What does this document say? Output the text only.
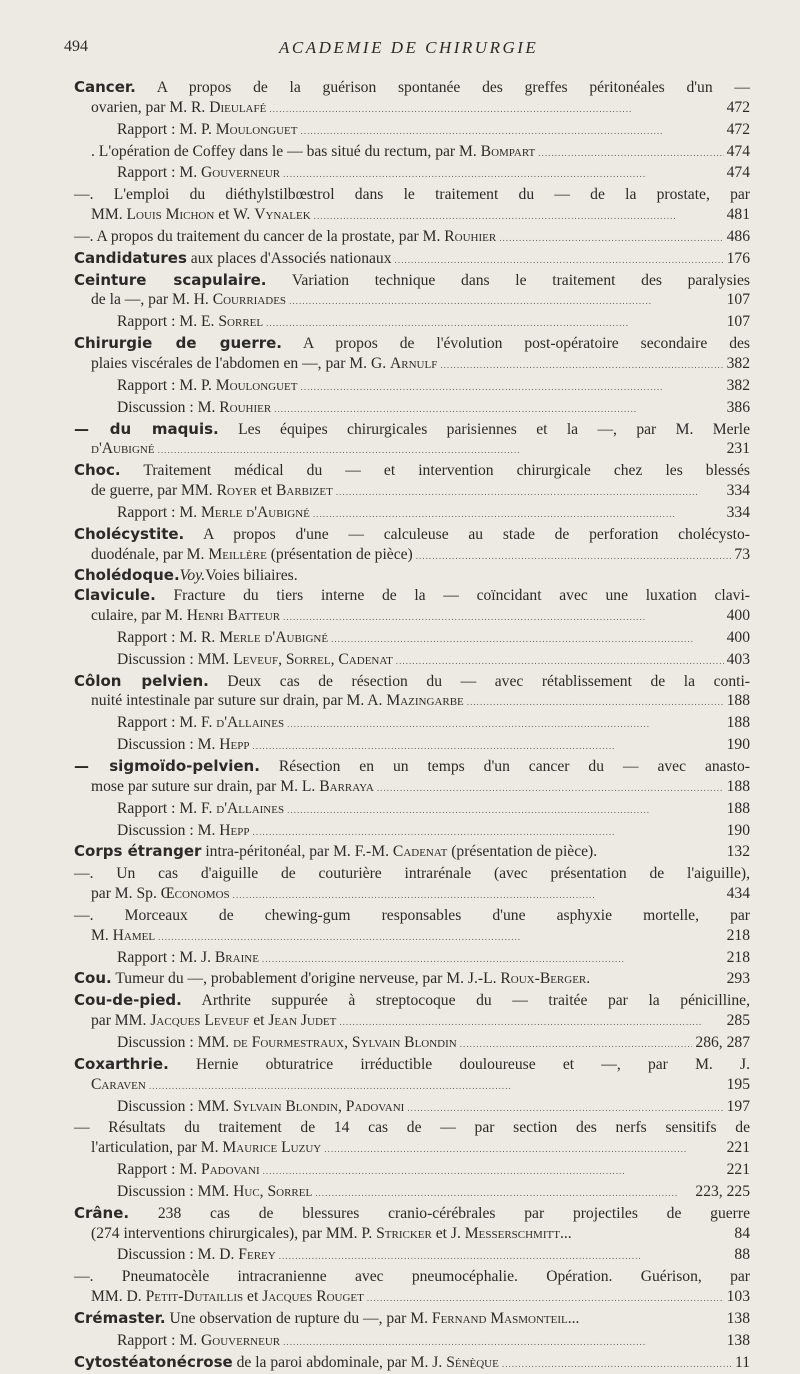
494	ACADEMIE DE CHIRURGIE
Cancer. A propos de la guérison spontanée des greffes péritonéales d'un —
ovarien, par M. R. Dieulafé . . .	472
Rapport : M. P. Moulonguet . . .	472
. L'opération de Coffey dans le — bas situé du rectum, par M. Bompart . . .	474
Rapport : M. Gouverneur . . .	474
—. L'emploi du diéthylstilbœstrol dans le traitement du — de la prostate, par
MM. Louis Michon et W. Vynalek . . .	481
—. A propos du traitement du cancer de la prostate, par M. Rouhier . . .	486
Candidatures aux places d'Associés nationaux . . .	176
Ceinture scapulaire. Variation technique dans le traitement des paralysies
de la —, par M. H. Courriades . . .	107
Rapport : M. E. Sorrel . . .	107
Chirurgie de guerre. A propos de l'évolution post-opératoire secondaire des
plaies viscérales de l'abdomen en —, par M. G. Arnulf . . .	382
Rapport : M. P. Moulonguet . . .	382
Discussion : M. Rouhier . . .	386
— du maquis. Les équipes chirurgicales parisiennes et la —, par M. Merle
d'Aubigné . . .	231
Choc. Traitement médical du — et intervention chirurgicale chez les blessés
de guerre, par MM. Royer et Barbizet . . .	334
Rapport : M. Merle d'Aubigné . . .	334
Cholécystite. A propos d'une — calculeuse au stade de perforation cholécysto-
duodénale, par M. Meillère (présentation de pièce) . . .	73
Cholédoque. Voy. Voies biliaires.
Clavicule. Fracture du tiers interne de la — coïncidant avec une luxation clavi-
culaire, par M. Henri Batteur . . .	400
Rapport : M. R. Merle d'Aubigné . . .	400
Discussion : MM. Leveuf, Sorrel, Cadenat . . .	403
Côlon pelvien. Deux cas de résection du — avec rétablissement de la conti-
nuité intestinale par suture sur drain, par M. A. Mazingarbe . . .	188
Rapport : M. F. d'Allaines . . .	188
Discussion : M. Hepp . . .	190
— sigmoïdo-pelvien. Résection en un temps d'un cancer du — avec anasto-
mose par suture sur drain, par M. L. Barraya . . .	188
Rapport : M. F. d'Allaines . . .	188
Discussion : M. Hepp . . .	190
Corps étranger intra-péritonéal, par M. F.-M. Cadenat (présentation de pièce).	132
—. Un cas d'aiguille de couturière intrarénale (avec présentation de l'aiguille),
par M. Sp. Œconomos . . .	434
—. Morceaux de chewing-gum responsables d'une asphyxie mortelle, par
M. Hamel . . .	218
Rapport : M. J. Braine . . .	218
Cou. Tumeur du —, probablement d'origine nerveuse, par M. J.-L. Roux-Berger.	293
Cou-de-pied. Arthrite suppurée à streptocoque du — traitée par la pénicilline,
par MM. Jacques Leveuf et Jean Judet . . .	285
Discussion : MM. de Fourmestraux, Sylvain Blondin . . .	286, 287
Coxarthrie. Hernie obturatrice irréductible douloureuse et —, par M. J.
Caraven . . .	195
Discussion : MM. Sylvain Blondin, Padovani . . .	197
— Résultats du traitement de 14 cas de — par section des nerfs sensitifs de
l'articulation, par M. Maurice Luzuy . . .	221
Rapport : M. Padovani . . .	221
Discussion : MM. Huc, Sorrel . . .	223, 225
Crâne. 238 cas de blessures cranio-cérébrales par projectiles de guerre
(274 interventions chirurgicales), par MM. P. Stricker et J. Messerschmitt...	84
Discussion : M. D. Ferey . . .	88
—. Pneumatocèle intracranienne avec pneumocéphalie. Opération. Guérison, par
MM. D. Petit-Dutaillis et Jacques Rouget . . .	103
Crémaster. Une observation de rupture du —, par M. Fernand Masmonteil...	138
Rapport : M. Gouverneur . . .	138
Cytostéatonécrose de la paroi abdominale, par M. J. Sénèque . . .	11
